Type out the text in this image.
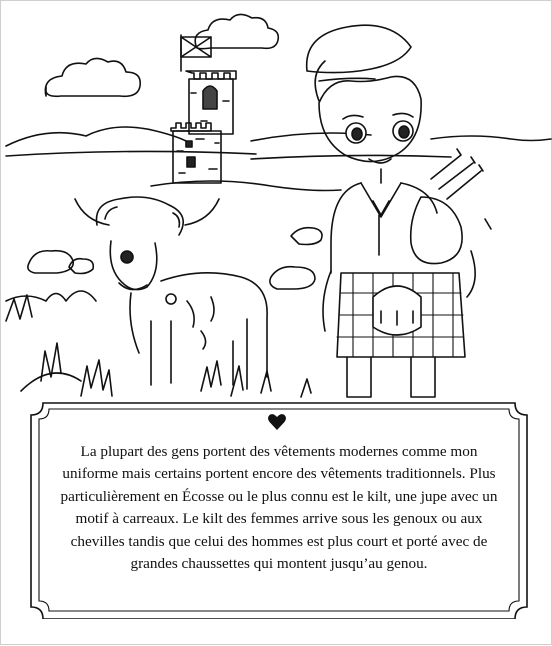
La plupart des gens portent des vêtements modernes comme mon uniforme mais certains portent encore des vêtements traditionnels. Plus particulièrement en Écosse ou le plus connu est le kilt, une jupe avec un motif à carreaux. Le kilt des femmes arrive sous les genoux ou aux chevilles tandis que celui des hommes est plus court et porté avec de grandes chaussettes qui montent jusqu’au genou.
